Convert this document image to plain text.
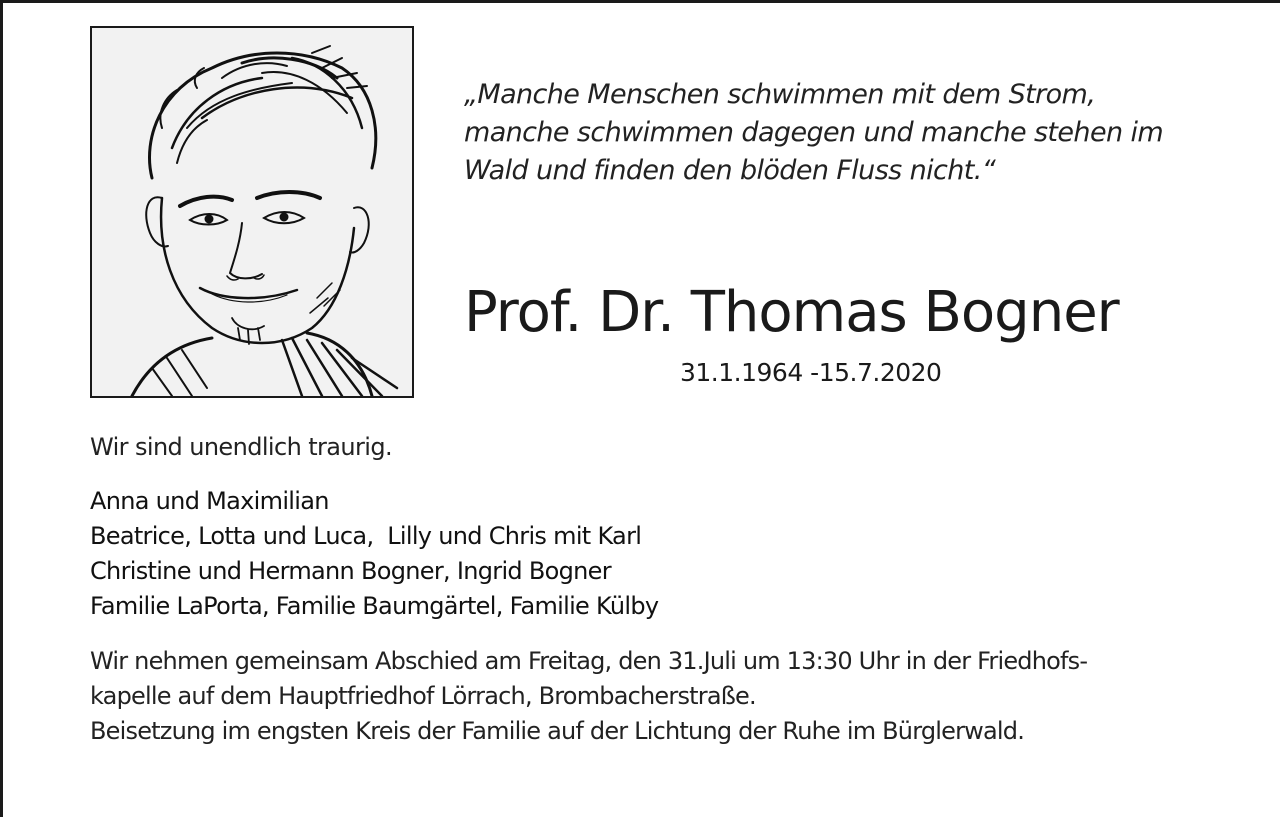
„Manche Menschen schwimmen mit dem Strom,
manche schwimmen dagegen und manche stehen im
Wald und finden den blöden Fluss nicht.“
Prof. Dr. Thomas Bogner
31.1.1964 -15.7.2020
Wir sind unendlich traurig.
Anna und Maximilian
Beatrice, Lotta und Luca,  Lilly und Chris mit Karl
Christine und Hermann Bogner, Ingrid Bogner
Familie LaPorta, Familie Baumgärtel, Familie Külby
Wir nehmen gemeinsam Abschied am Freitag, den 31.Juli um 13:30 Uhr in der Friedhofs-
kapelle auf dem Hauptfriedhof Lörrach, Brombacherstraße.
Beisetzung im engsten Kreis der Familie auf der Lichtung der Ruhe im Bürglerwald.
